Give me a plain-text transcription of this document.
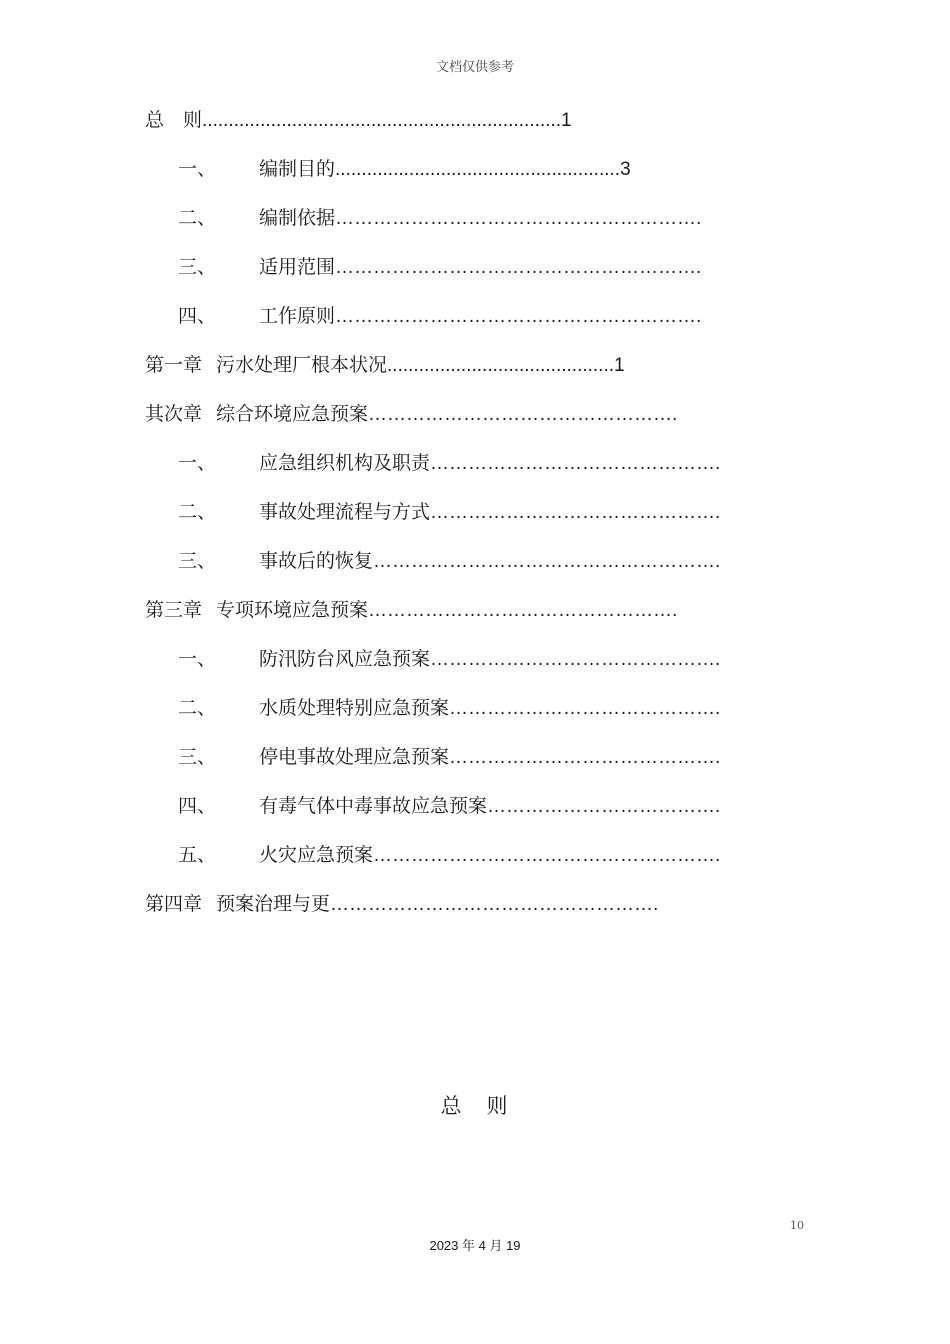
文档仅供参考
总　则....................................................................1
一、 编制目的......................................................3
二、 编制依据………………………………………………….
三、 适用范围………………………………………………….
四、 工作原则………………………………………………….
第一章 污水处理厂根本状况...........................................1
其次章 综合环境应急预案………………………………………….
一、 应急组织机构及职责……………………………………….
二、 事故处理流程与方式……………………………………….
三、 事故后的恢复……………………………………………….
第三章 专项环境应急预案………………………………………….
一、 防汛防台风应急预案……………………………………….
二、 水质处理特别应急预案…………………………………….
三、 停电事故处理应急预案…………………………………….
四、 有毒气体中毒事故应急预案……………………………….
五、 火灾应急预案……………………………………………….
第四章 预案治理与更…………………………………………….
总　则
10
2023 年 4 月 19
